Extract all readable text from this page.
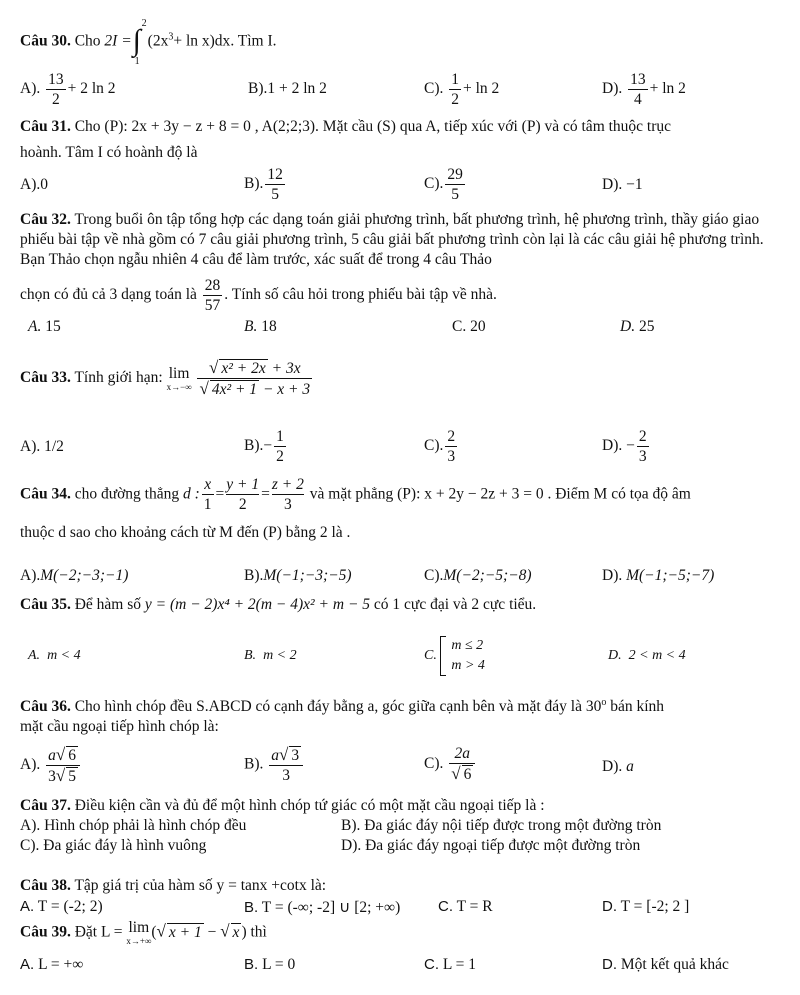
Câu 30. Cho 2I = ∫
2
1
$(2x^3+ \ln x)dx$. Tìm I.
A). $\frac{13}{2} + 2$ ln 2	B).1 + 2 ln 2	C). $\frac{1}{2} + \ln 2$	D). $\frac{13}{4} + \ln 2$
Câu 31. Cho (P): 2x + 3y − z + 8 = 0 , A(2;2;3). Mặt cầu (S) qua A, tiếp xúc với (P) và có tâm thuộc trục
hoành. Tâm I có hoành độ là
A).0	B). $\frac{12}{5}$	C). $\frac{29}{5}$	D). −1
Câu 32. Trong buổi ôn tập tổng hợp các dạng toán giải phương trình, bất phương trình, hệ phương trình, thầy giáo giao phiếu bài tập về nhà gồm có 7 câu giải phương trình, 5 câu giải bất phương trình còn lại là các câu giải hệ phương trình. Bạn Thảo chọn ngẫu nhiên 4 câu để làm trước, xác suất để trong 4 câu Thảo
chọn có đủ cả 3 dạng toán là $\frac{28}{57}$ . Tính số câu hỏi trong phiếu bài tập về nhà.
A. 15	B. 18	C. 20	D. 25
Câu 33. Tính giới hạn: lim
x→−∞
$\frac{\text{√ x² + 2x + 3x}}{\text{√ 4x² + 1 − x + 3}}$
A). 1/2	$B).- \frac{1}{2}$	C). $\frac{2}{3}$	D). − $\frac{2}{3}$
Câu 34. cho đường thẳng d : $\frac{x}{1} = \frac{y + 1}{2} = \frac{z + 2}{3}$ và mặt phẳng (P): x + 2y − 2z + 3 = 0 . Điểm M có tọa độ âm
thuộc d sao cho khoảng cách từ M đến (P) bằng 2 là .
A).M(−2;−3;−1)	B).M(−1;−3;−5)	C).M(−2;−5;−8)	D). M(−1;−5;−7)
Câu 35. Để hàm số y = (m − 2)x⁴ + 2(m − 4)x² + m − 5 có 1 cực đại và 2 cực tiểu.
A. m < 4	B. m < 2	C.
m ≤ 2
m > 4
D. 2 < m < 4
Câu 36. Cho hình chóp đều S.ABCD có cạnh đáy bằng a, góc giữa cạnh bên và mặt đáy là 30$^o$ bán kính
mặt cầu ngoại tiếp hình chóp là:
A). $\frac{a√ 6}{3√ 5}$	B). $\frac{a√ 3}{3}$	C). $\frac{2a}{√ 6}$	D). a
Câu 37. Điều kiện cần và đủ để một hình chóp tứ giác có một mặt cầu ngoại tiếp là :
A). Hình chóp phải là hình chóp đều	B). Đa giác đáy nội tiếp được trong một đường tròn
C). Đa giác đáy là hình vuông	D). Đa giác đáy ngoại tiếp được một đường tròn
Câu 38. Tập giá trị của hàm số y = tanx +cotx là:
A. T = (-2; 2)	B. T = (-∞; -2] ∪ [2; +∞)	C. T = R	D. T = [-2; 2 ]
Câu 39. Đặt L = lim
x→+∞
(√ x + 1 − √ x ) thì
A. L = +∞	B. L = 0	C. L = 1	D. Một kết quả khác
